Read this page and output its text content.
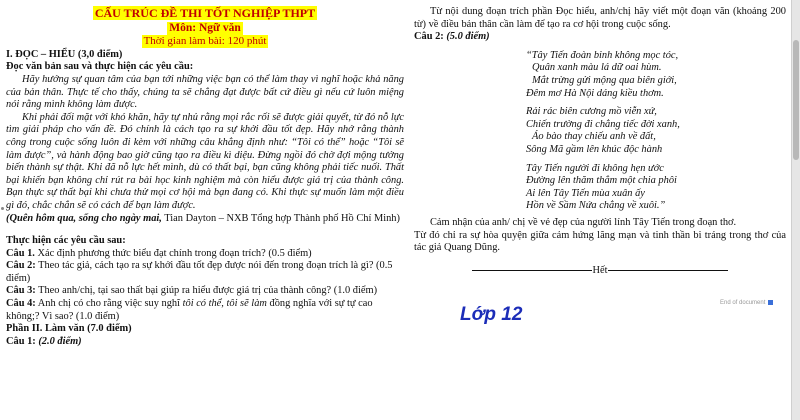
CẤU TRÚC ĐỀ THI TỐT NGHIỆP THPT
Môn: Ngữ văn
Thời gian làm bài: 120 phút

I. ĐỌC – HIỂU (3,0 điểm)

Đọc văn bản sau và thực hiện các yêu cầu:

Hãy hướng sự quan tâm của bạn tới những việc bạn có thể làm thay vì nghĩ hoặc khả năng của bản thân. Thực tế cho thấy, chúng ta sẽ chẳng đạt được bất cứ điều gì nếu cứ luôn miệng nói rằng mình không làm được.

Khi phải đối mặt với khó khăn, hãy tự nhủ rằng mọi rắc rối sẽ được giải quyết, từ đó nỗ lực tìm giải pháp cho vấn đề. Đó chính là cách tạo ra sự khởi đầu tốt đẹp. Hãy nhớ rằng thành công trong cuộc sống luôn đi kèm với những câu khẳng định như: “Tôi có thể” hoặc “Tôi sẽ làm được”, và hành động bao giờ cũng tạo ra điều kì diệu. Đừng ngồi đó chờ đợi mộng tưởng biến thành sự thật. Khi đã nỗ lực hết mình, dù có thất bại, bạn cũng không phải tiếc nuối. Thất bại khiến bạn không chỉ rút ra bài học kinh nghiệm mà còn hiểu được giá trị của thành công. Bạn thực sự thất bại khi chưa thử mọi cơ hội mà bạn đang có. Khi thực sự muốn làm một điều gì đó, chắc chắn sẽ có cách để bạn làm được.

(Quên hôm qua, sống cho ngày mai, Tian Dayton – NXB Tổng hợp Thành phố Hồ Chí Minh)

Thực hiện các yêu cầu sau:

Câu 1. Xác định phương thức biểu đạt chính trong đoạn trích? (0.5 điểm)

Câu 2: Theo tác giả, cách tạo ra sự khởi đầu tốt đẹp được nói đến trong đoạn trích là gì? (0.5 điểm)

Câu 3: Theo anh/chị, tại sao thất bại giúp ra hiểu được giá trị của thành công? (1.0 điểm)

Câu 4: Anh chị có cho rằng việc suy nghĩ tôi có thể, tôi sẽ làm đồng nghĩa với sự tự cao không;? Vì sao? (1.0 điểm)

Phần II. Làm văn (7.0 điểm)

Câu 1: (2.0 điểm)

Từ nội dung đoạn trích phần Đọc hiểu, anh/chị hãy viết một đoạn văn (khoảng 200 từ) về điều bản thân cần làm để tạo ra cơ hội trong cuộc sống.

Câu 2: (5.0 điểm)

“Tây Tiến đoàn binh không mọc tóc,

Quân xanh màu lá dữ oai hùm.

Mắt trừng gửi mộng qua biên giới,

Đêm mơ Hà Nội dáng kiều thơm.

Rải rác biên cương mồ viễn xứ,

Chiến trường đi chẳng tiếc đời xanh,

Áo bào thay chiếu anh về đất,

Sông Mã gầm lên khúc độc hành

Tây Tiến người đi không hẹn ước

Đường lên thăm thẳm một chia phôi

Ai lên Tây Tiến mùa xuân ấy

Hồn về Sầm Nứa chẳng về xuôi.”

Cảm nhận của anh/ chị về vẻ đẹp của người lính Tây Tiến trong đoạn thơ.

Từ đó chỉ ra sự hòa quyện giữa cảm hứng lãng mạn và tinh thần bi tráng trong thơ của tác giả Quang Dũng.

Hết
End of document
Lớp 12
